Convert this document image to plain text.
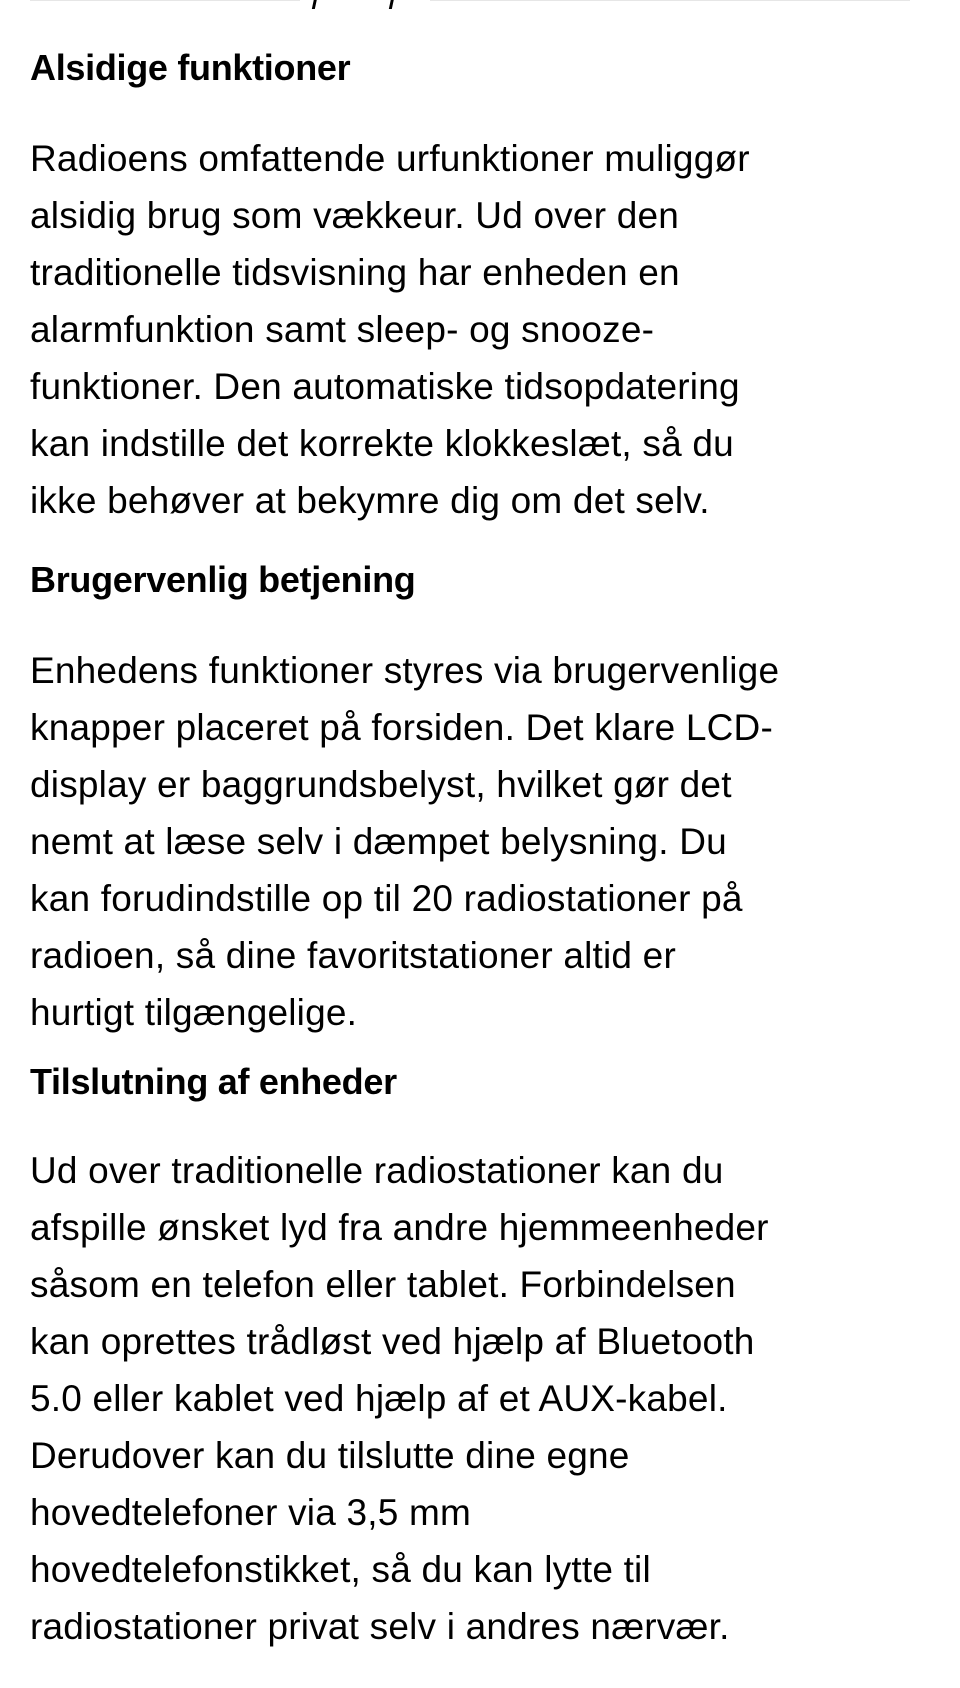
Alsidige funktioner

Radioens omfattende urfunktioner muliggør
alsidig brug som vækkeur. Ud over den
traditionelle tidsvisning har enheden en
alarmfunktion samt sleep- og snooze-
funktioner. Den automatiske tidsopdatering
kan indstille det korrekte klokkeslæt, så du
ikke behøver at bekymre dig om det selv.

Brugervenlig betjening

Enhedens funktioner styres via brugervenlige
knapper placeret på forsiden. Det klare LCD-
display er baggrundsbelyst, hvilket gør det
nemt at læse selv i dæmpet belysning. Du
kan forudindstille op til 20 radiostationer på
radioen, så dine favoritstationer altid er
hurtigt tilgængelige.

Tilslutning af enheder

Ud over traditionelle radiostationer kan du
afspille ønsket lyd fra andre hjemmeenheder
såsom en telefon eller tablet. Forbindelsen
kan oprettes trådløst ved hjælp af Bluetooth
5.0 eller kablet ved hjælp af et AUX-kabel.
Derudover kan du tilslutte dine egne
hovedtelefoner via 3,5 mm
hovedtelefonstikket, så du kan lytte til
radiostationer privat selv i andres nærvær.
